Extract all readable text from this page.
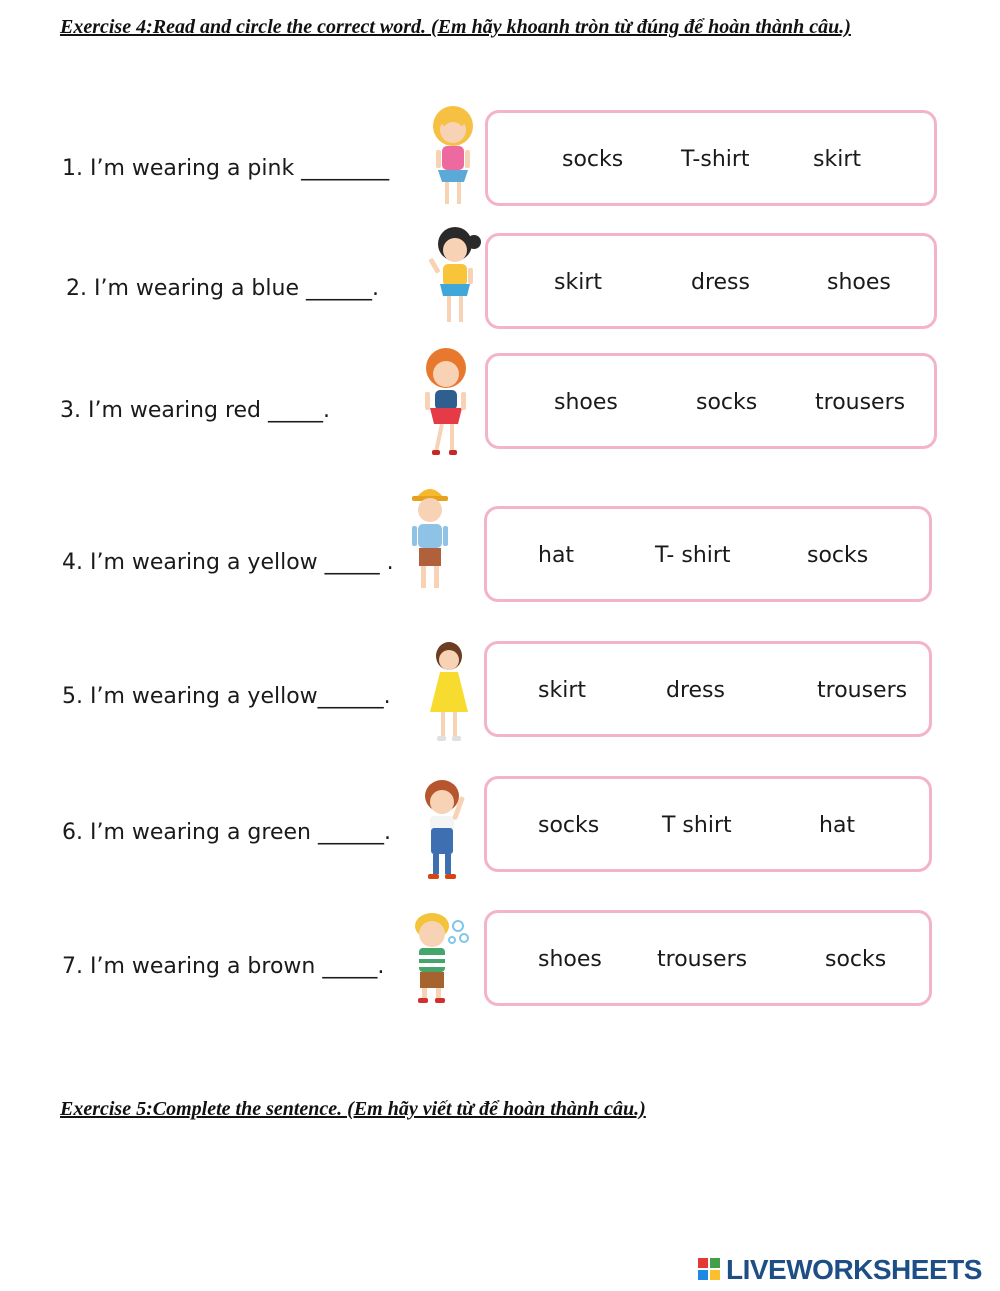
Exercise 4:Read and circle the correct word. (Em hãy khoanh tròn từ đúng để hoàn thành câu.)
1. I’m wearing a pink ________	socks	T-shirt	skirt
2. I’m wearing a blue ______.	skirt	dress	shoes
3. I’m wearing red _____.	shoes	socks	trousers
4. I’m wearing a yellow _____ .	hat	T- shirt	socks
5. I’m wearing a yellow______.	skirt	dress	trousers
6. I’m wearing a green ______.	socks	T shirt	hat
7. I’m wearing a brown _____.	shoes	trousers	socks
Exercise 5:Complete the sentence. (Em hãy viết từ để hoàn thành câu.)
LIVEWORKSHEETS
